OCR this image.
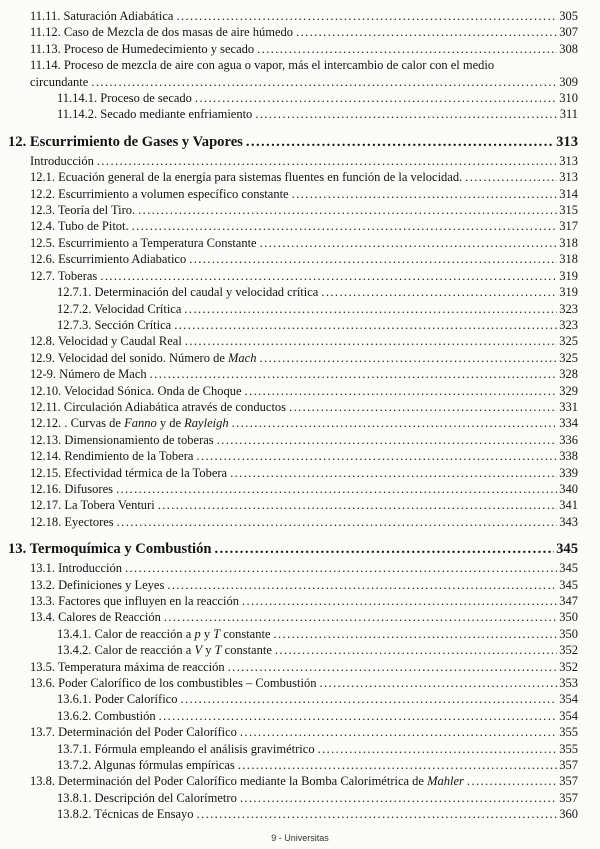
11.11. Saturación Adiabática .....	305
11.12. Caso de Mezcla de dos masas de aire húmedo .....	307
11.13. Proceso de Humedecimiento y secado .....	308
11.14. Proceso de mezcla de aire con agua o vapor, más el intercambio de calor con el medio
circundante .....	309
11.14.1. Proceso de secado .....	310
11.14.2. Secado mediante enfriamiento .....	311
12. Escurrimiento de Gases y Vapores .....	313
Introducción .....	313
12.1. Ecuación general de la energía para sistemas fluentes en función de la velocidad. .....	313
12.2. Escurrimiento a volumen específico constante .....	314
12.3. Teoría del Tiro. .....	315
12.4. Tubo de Pitot. .....	317
12.5. Escurrimiento a Temperatura Constante .....	318
12.6. Escurrimiento Adiabatico .....	318
12.7. Toberas .....	319
12.7.1. Determinación del caudal y velocidad crítica .....	319
12.7.2. Velocidad Crítica .....	323
12.7.3. Sección Crítica .....	323
12.8. Velocidad y Caudal Real .....	325
12.9. Velocidad del sonido. Número de Mach .....	325
12-9. Número de Mach .....	328
12.10. Velocidad Sónica. Onda de Choque .....	329
12.11. Circulación Adiabática através de conductos .....	331
12.12. . Curvas de Fanno y de Rayleigh .....	334
12.13. Dimensionamiento de toberas .....	336
12.14. Rendimiento de la Tobera .....	338
12.15. Efectividad térmica de la Tobera .....	339
12.16. Difusores .....	340
12.17. La Tobera Venturi .....	341
12.18. Eyectores .....	343
13. Termoquímica y Combustión .....	345
13.1. Introducción .....	345
13.2. Definiciones y Leyes .....	345
13.3. Factores que influyen en la reacción .....	347
13.4. Calores de Reacción .....	350
13.4.1. Calor de reacción a p y T constante .....	350
13.4.2. Calor de reacción a V y T constante .....	352
13.5. Temperatura máxima de reacción .....	352
13.6. Poder Calorífico de los combustibles – Combustión .....	353
13.6.1. Poder Calorífico .....	354
13.6.2. Combustión .....	354
13.7. Determinación del Poder Calorífico .....	355
13.7.1. Fórmula empleando el análisis gravimétrico .....	355
13.7.2. Algunas fórmulas empíricas .....	357
13.8. Determinación del Poder Calorífico mediante la Bomba Calorimétrica de Mahler .....	357
13.8.1. Descripción del Calorímetro .....	357
13.8.2. Técnicas de Ensayo .....	360
9 - Universitas
